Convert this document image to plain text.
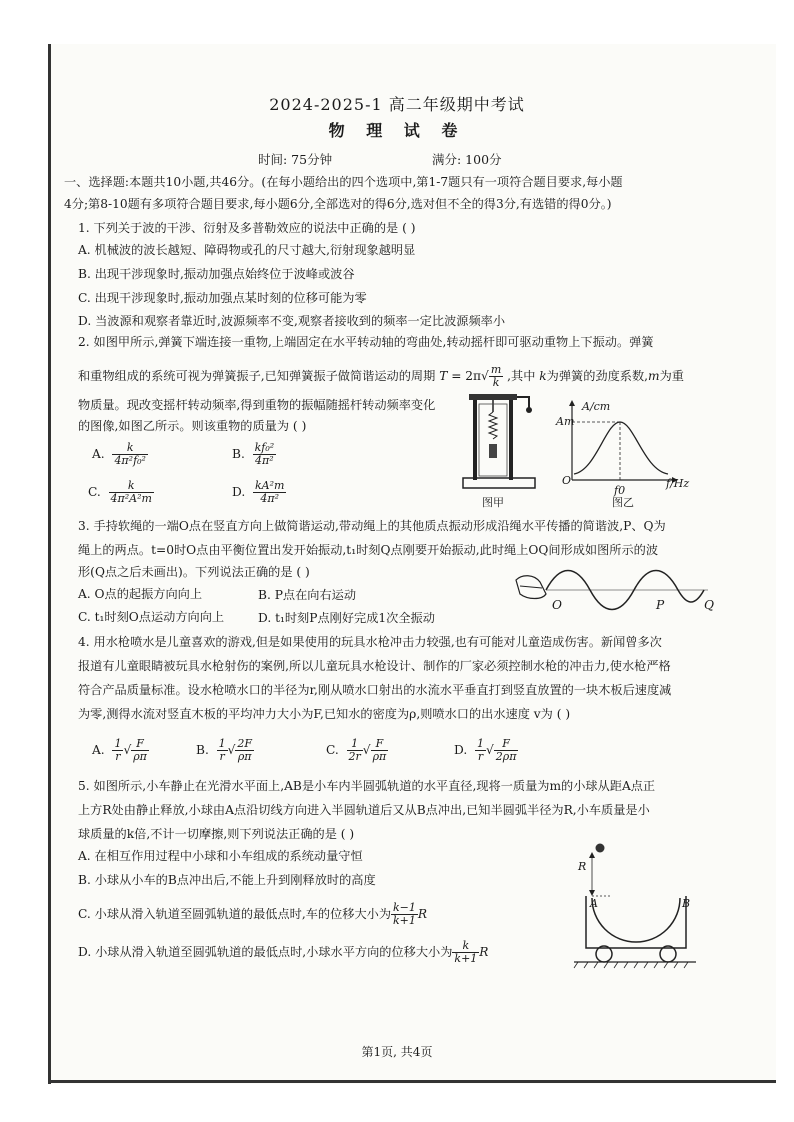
2024-2025-1 高二年级期中考试
物 理 试 卷
时间: 75分钟	满分: 100分
一、选择题:本题共10小题,共46分。(在每小题给出的四个选项中,第1-7题只有一项符合题目要求,每小题
4分;第8-10题有多项符合题目要求,每小题6分,全部选对的得6分,选对但不全的得3分,有选错的得0分。)
1. 下列关于波的干涉、衍射及多普勒效应的说法中正确的是 ( )
A. 机械波的波长越短、障碍物或孔的尺寸越大,衍射现象越明显
B. 出现干涉现象时,振动加强点始终位于波峰或波谷
C. 出现干涉现象时,振动加强点某时刻的位移可能为零
D. 当波源和观察者靠近时,波源频率不变,观察者接收到的频率一定比波源频率小
2. 如图甲所示,弹簧下端连接一重物,上端固定在水平转动轴的弯曲处,转动摇杆即可驱动重物上下振动。弹簧
和重物组成的系统可视为弹簧振子,已知弹簧振子做简谐运动的周期 $T = 2\pi√ \frac{m}{k}$ ,其中 k为弹簧的劲度系数,m为重
物质量。现改变摇杆转动频率,得到重物的振幅随摇杆转动频率变化
的图像,如图乙所示。则该重物的质量为 ( )
A. $\frac{k}{\text{4π²f₀²}}$	B. $\frac{\text{kf₀²}}{\text{4π²}}$
C. $\frac{k}{\text{4π²A²m}}$	D. $\frac{\text{kA²m}}{\text{4π²}}$	图甲
A/cm
Am
O
f0
f/Hz
图乙
3. 手持软绳的一端O点在竖直方向上做简谐运动,带动绳上的其他质点振动形成沿绳水平传播的简谐波,P、Q为
绳上的两点。t=0时O点由平衡位置出发开始振动,t₁时刻Q点刚要开始振动,此时绳上OQ间形成如图所示的波
形(Q点之后未画出)。下列说法正确的是 ( )
A. O点的起振方向向上	B. P点在向右运动
C. t₁时刻O点运动方向向上	D. t₁时刻P点刚好完成1次全振动
O	P	Q
4. 用水枪喷水是儿童喜欢的游戏,但是如果使用的玩具水枪冲击力较强,也有可能对儿童造成伤害。新闻曾多次
报道有儿童眼睛被玩具水枪射伤的案例,所以儿童玩具水枪设计、制作的厂家必须控制水枪的冲击力,使水枪严格
符合产品质量标准。设水枪喷水口的半径为r,刚从喷水口射出的水流水平垂直打到竖直放置的一块木板后速度减
为零,测得水流对竖直木板的平均冲力大小为F,已知水的密度为ρ,则喷水口的出水速度 v为 ( )
A. $\frac{1}{r}$ √ $\frac{F}{\rho\pi}$	B. $\frac{1}{r}$ √ $\frac{2F}{\rho\pi}$	C. $\frac{1}{2r}$ √ $\frac{F}{\rho\pi}$	D. $\frac{1}{r}$ √ $\frac{F}{2\rho\pi}$
5. 如图所示,小车静止在光滑水平面上,AB是小车内半圆弧轨道的水平直径,现将一质量为m的小球从距A点正
上方R处由静止释放,小球由A点沿切线方向进入半圆轨道后又从B点冲出,已知半圆弧半径为R,小车质量是小
球质量的k倍,不计一切摩擦,则下列说法正确的是 ( )
A. 在相互作用过程中小球和小车组成的系统动量守恒
B. 小球从小车的B点冲出后,不能上升到刚释放时的高度
C. 小球从滑入轨道至圆弧轨道的最低点时,车的位移大小为 $\frac{k-1}{k+1}$ R
D. 小球从滑入轨道至圆弧轨道的最低点时,小球水平方向的位移大小为 $\frac{k}{k+1}$ R
R
A	B
第1页, 共4页
